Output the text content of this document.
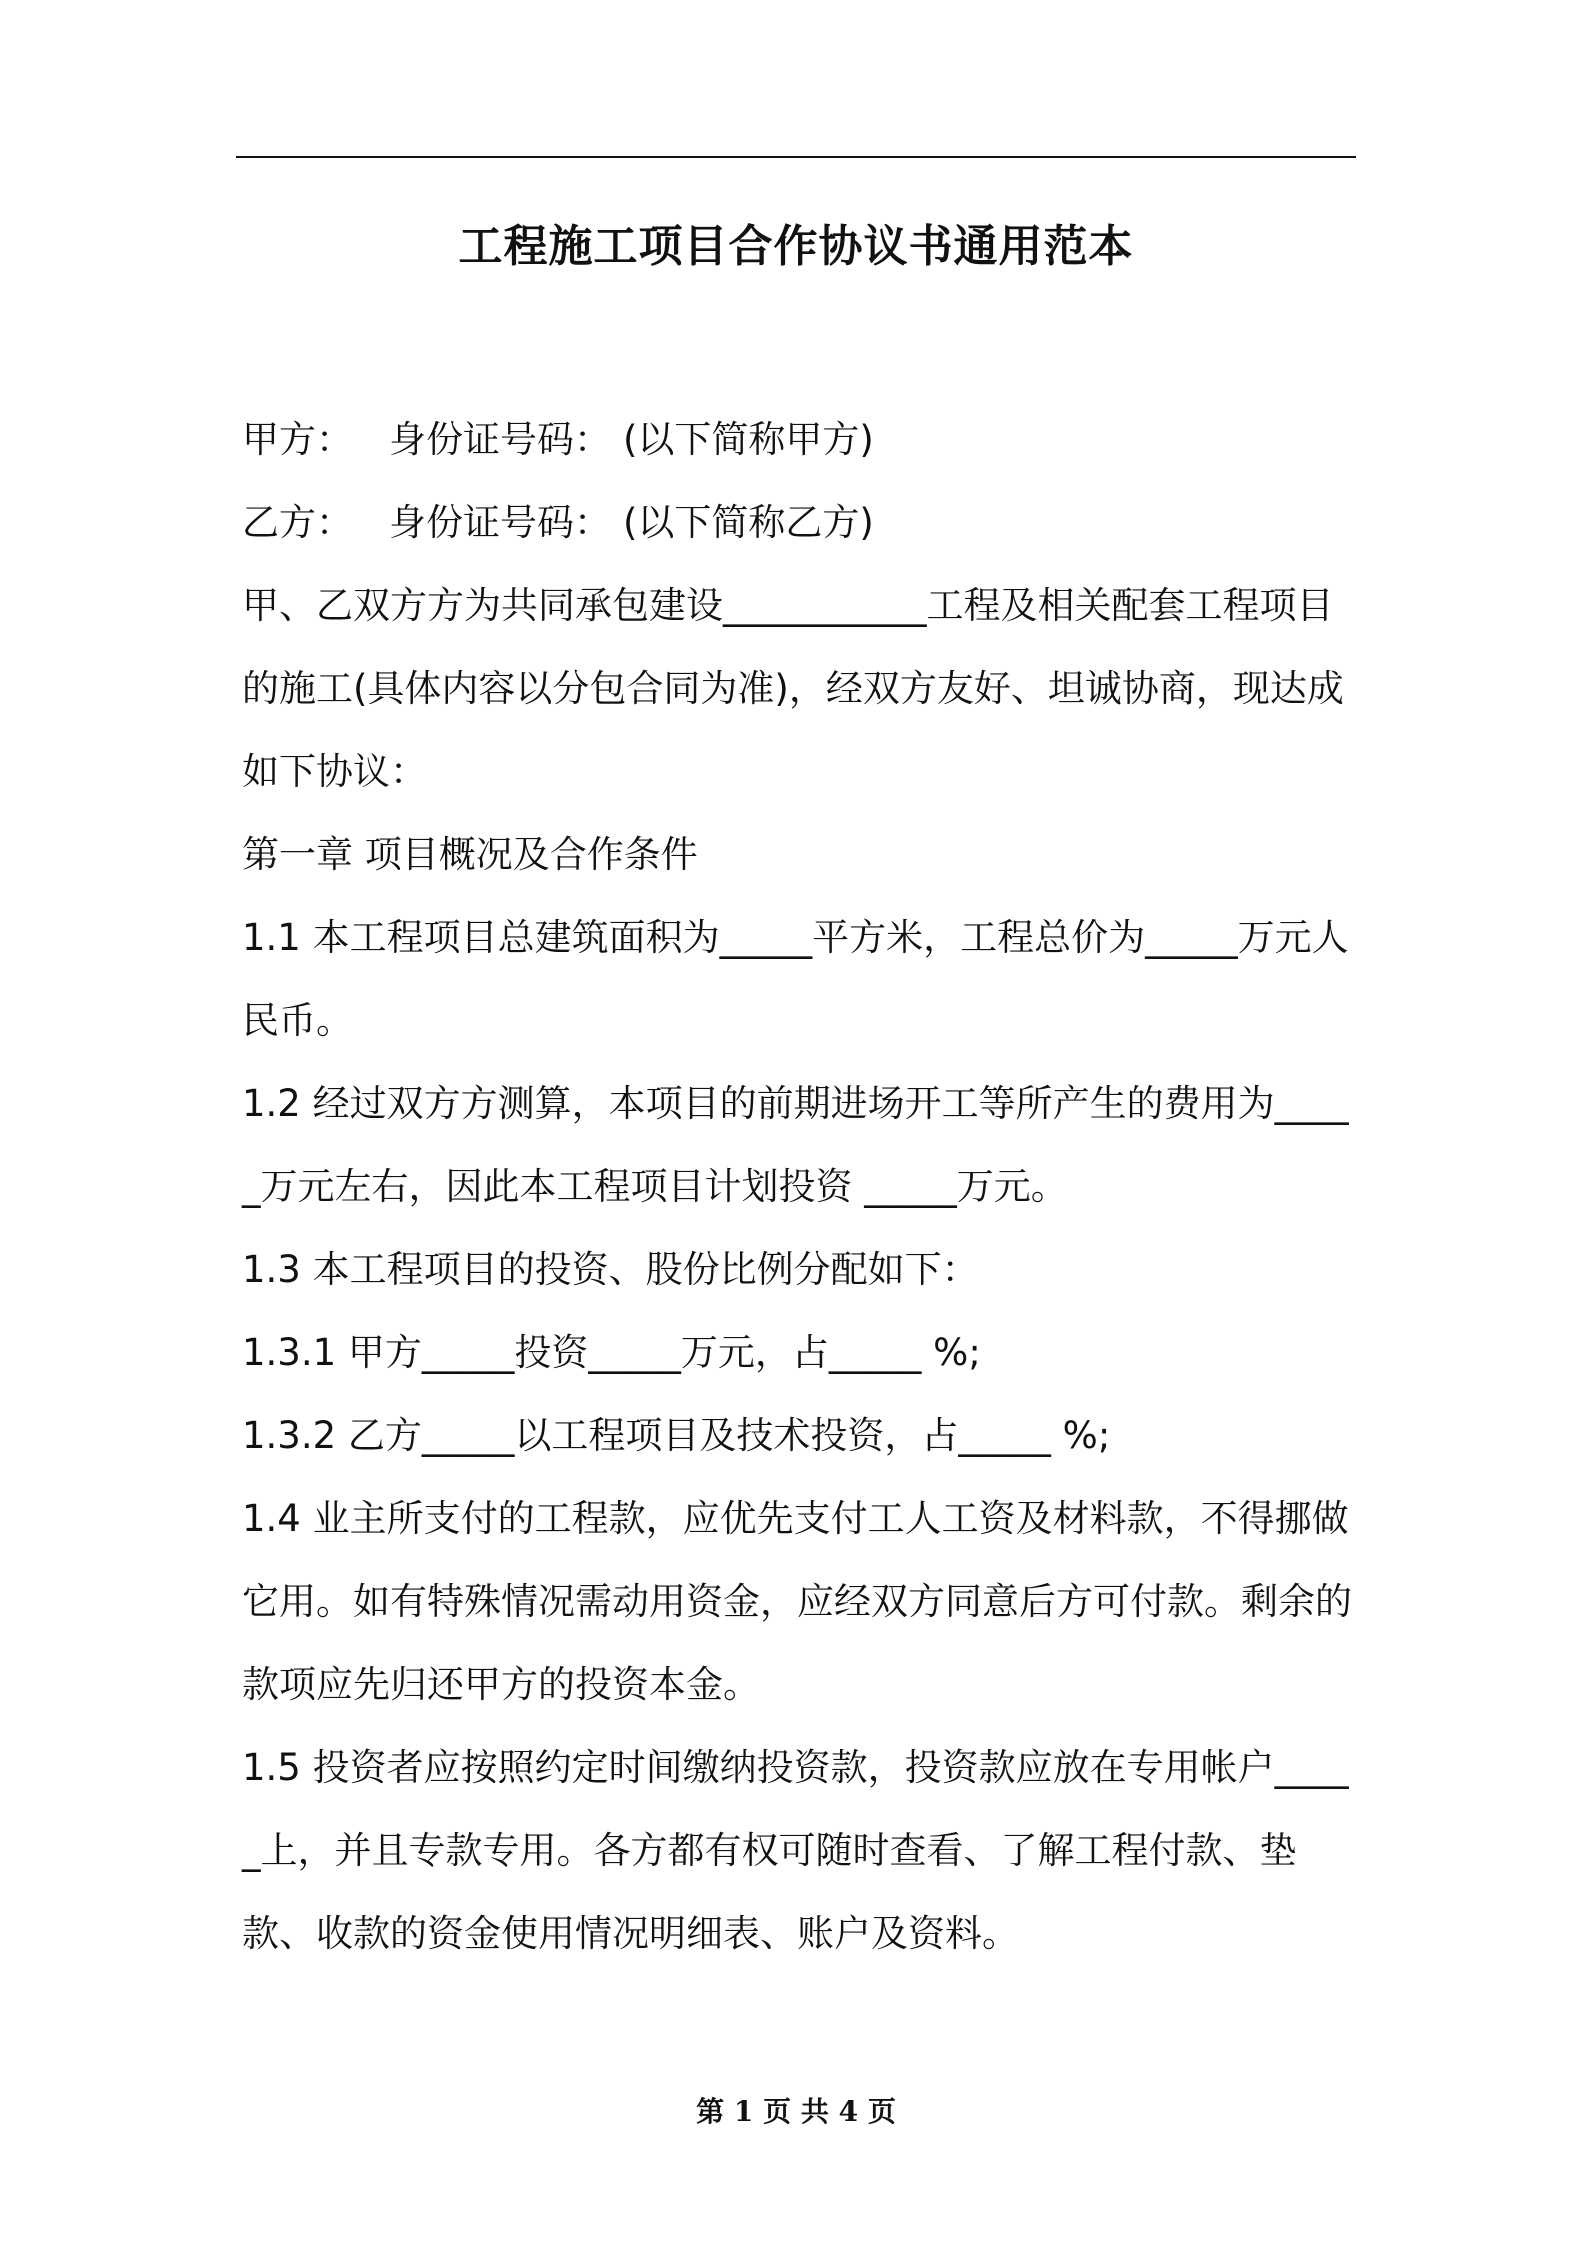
工程施工项目合作协议书通用范本

甲方： 身份证号码： (以下简称甲方)

乙方： 身份证号码： (以下简称乙方)

甲、乙双方方为共同承包建设___________工程及相关配套工程项目的施工(具体内容以分包合同为准)，经双方友好、坦诚协商，现达成如下协议：

第一章 项目概况及合作条件

1.1 本工程项目总建筑面积为_____平方米，工程总价为_____万元人民币。

1.2 经过双方方测算，本项目的前期进场开工等所产生的费用为_____万元左右，因此本工程项目计划投资 _____万元。

1.3 本工程项目的投资、股份比例分配如下：

1.3.1 甲方_____投资_____万元，占_____ %;

1.3.2 乙方_____以工程项目及技术投资，占_____ %;

1.4 业主所支付的工程款，应优先支付工人工资及材料款，不得挪做它用。如有特殊情况需动用资金，应经双方同意后方可付款。剩余的款项应先归还甲方的投资本金。

1.5 投资者应按照约定时间缴纳投资款，投资款应放在专用帐户_____上，并且专款专用。各方都有权可随时查看、了解工程付款、垫款、收款的资金使用情况明细表、账户及资料。

第 1 页 共 4 页
